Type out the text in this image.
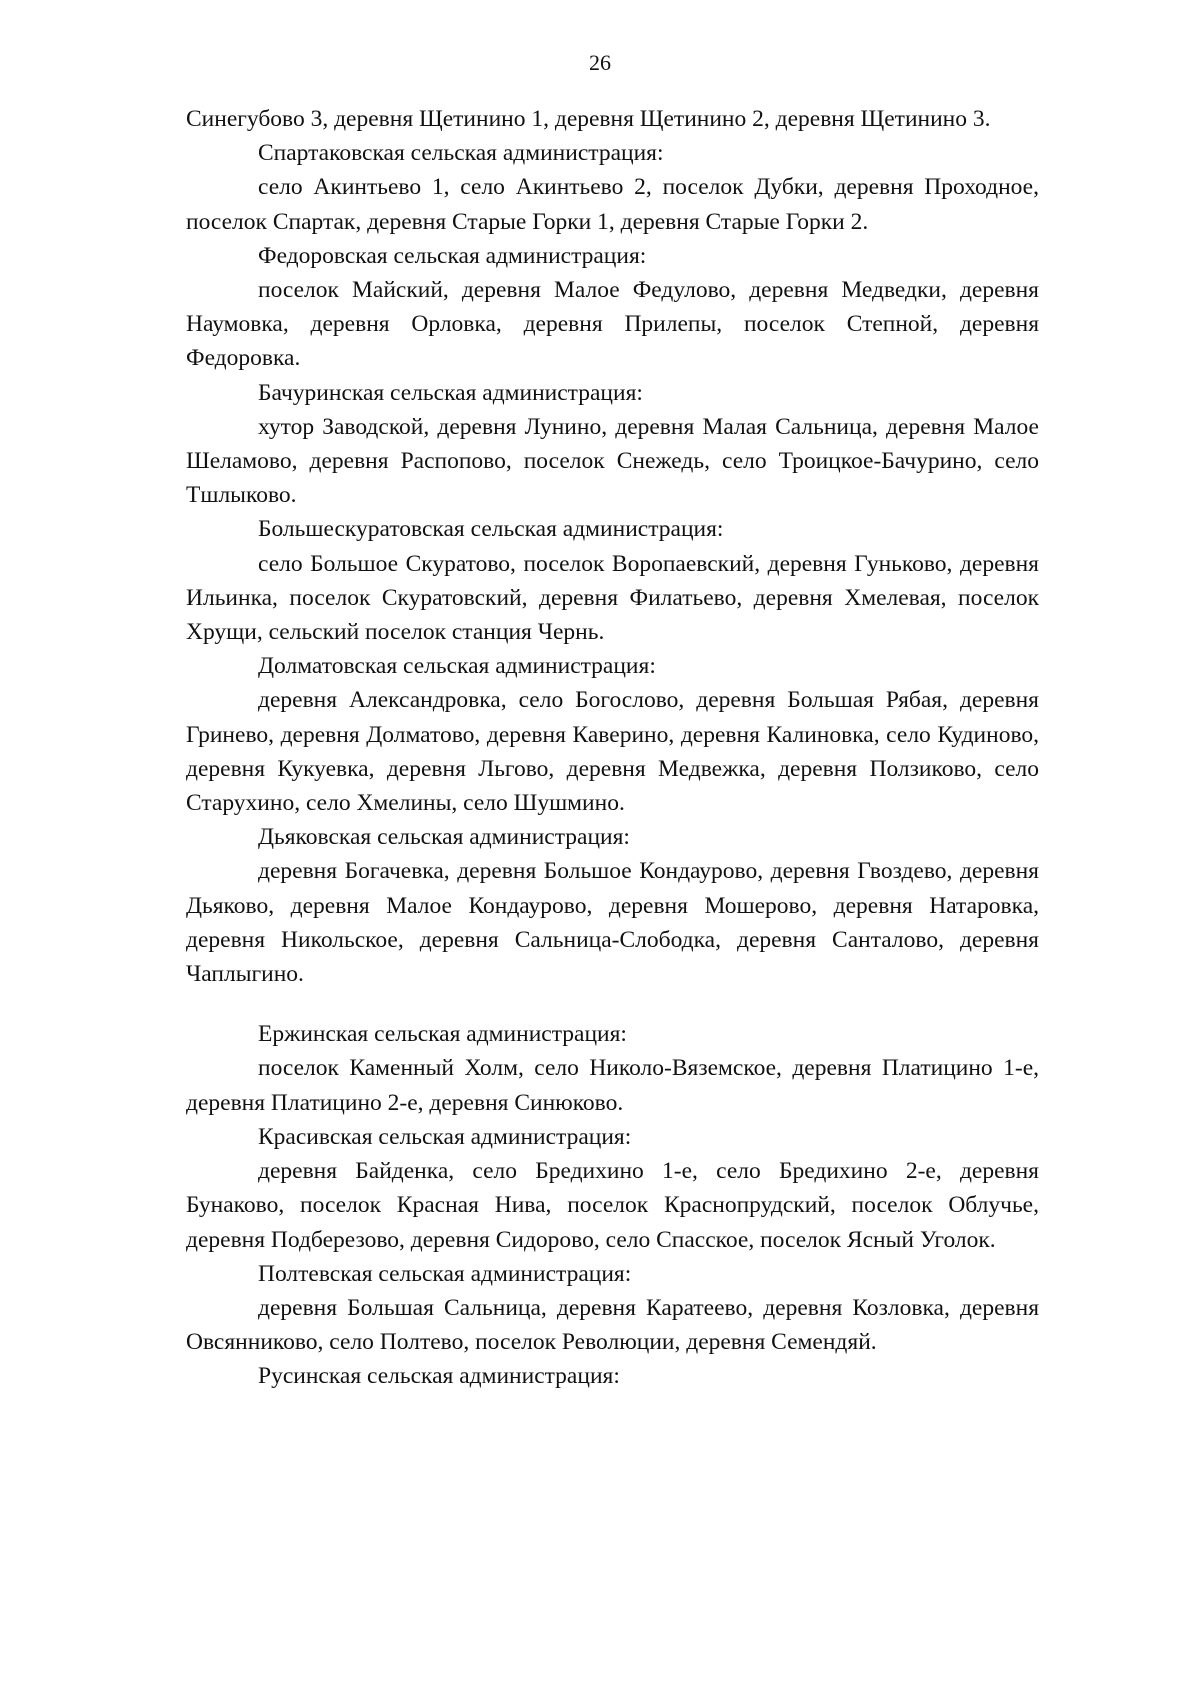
26

Синегубово 3, деревня Щетинино 1, деревня Щетинино 2, деревня Щетинино 3.

Спартаковская сельская администрация:

село Акинтьево 1, село Акинтьево 2, поселок Дубки, деревня Проходное, поселок Спартак, деревня Старые Горки 1, деревня Старые Горки 2.

Федоровская сельская администрация:

поселок Майский, деревня Малое Федулово, деревня Медведки, деревня Наумовка, деревня Орловка, деревня Прилепы, поселок Степной, деревня Федоровка.

Бачуринская сельская администрация:

хутор Заводской, деревня Лунино, деревня Малая Сальница, деревня Малое Шеламово, деревня Распопово, поселок Снежедь, село Троицкое-Бачурино, село Тшлыково.

Большескуратовская сельская администрация:

село Большое Скуратово, поселок Воропаевский, деревня Гуньково, деревня Ильинка, поселок Скуратовский, деревня Филатьево, деревня Хмелевая, поселок Хрущи, сельский поселок станция Чернь.

Долматовская сельская администрация:

деревня Александровка, село Богослово, деревня Большая Рябая, деревня Гринево, деревня Долматово, деревня Каверино, деревня Калиновка, село Кудиново, деревня Кукуевка, деревня Льгово, деревня Медвежка, деревня Ползиково, село Старухино, село Хмелины, село Шушмино.

Дьяковская сельская администрация:

деревня Богачевка, деревня Большое Кондаурово, деревня Гвоздево, деревня Дьяково, деревня Малое Кондаурово, деревня Мошерово, деревня Натаровка, деревня Никольское, деревня Сальница-Слободка, деревня Санталово, деревня Чаплыгино.

Ержинская сельская администрация:

поселок Каменный Холм, село Николо-Вяземское, деревня Платицино 1-е, деревня Платицино 2-е, деревня Синюково.

Красивская сельская администрация:

деревня Байденка, село Бредихино 1-е, село Бредихино 2-е, деревня Бунаково, поселок Красная Нива, поселок Краснопрудский, поселок Облучье, деревня Подберезово, деревня Сидорово, село Спасское, поселок Ясный Уголок.

Полтевская сельская администрация:

деревня Большая Сальница, деревня Каратеево, деревня Козловка, деревня Овсянниково, село Полтево, поселок Революции, деревня Семендяй.

Русинская сельская администрация:
